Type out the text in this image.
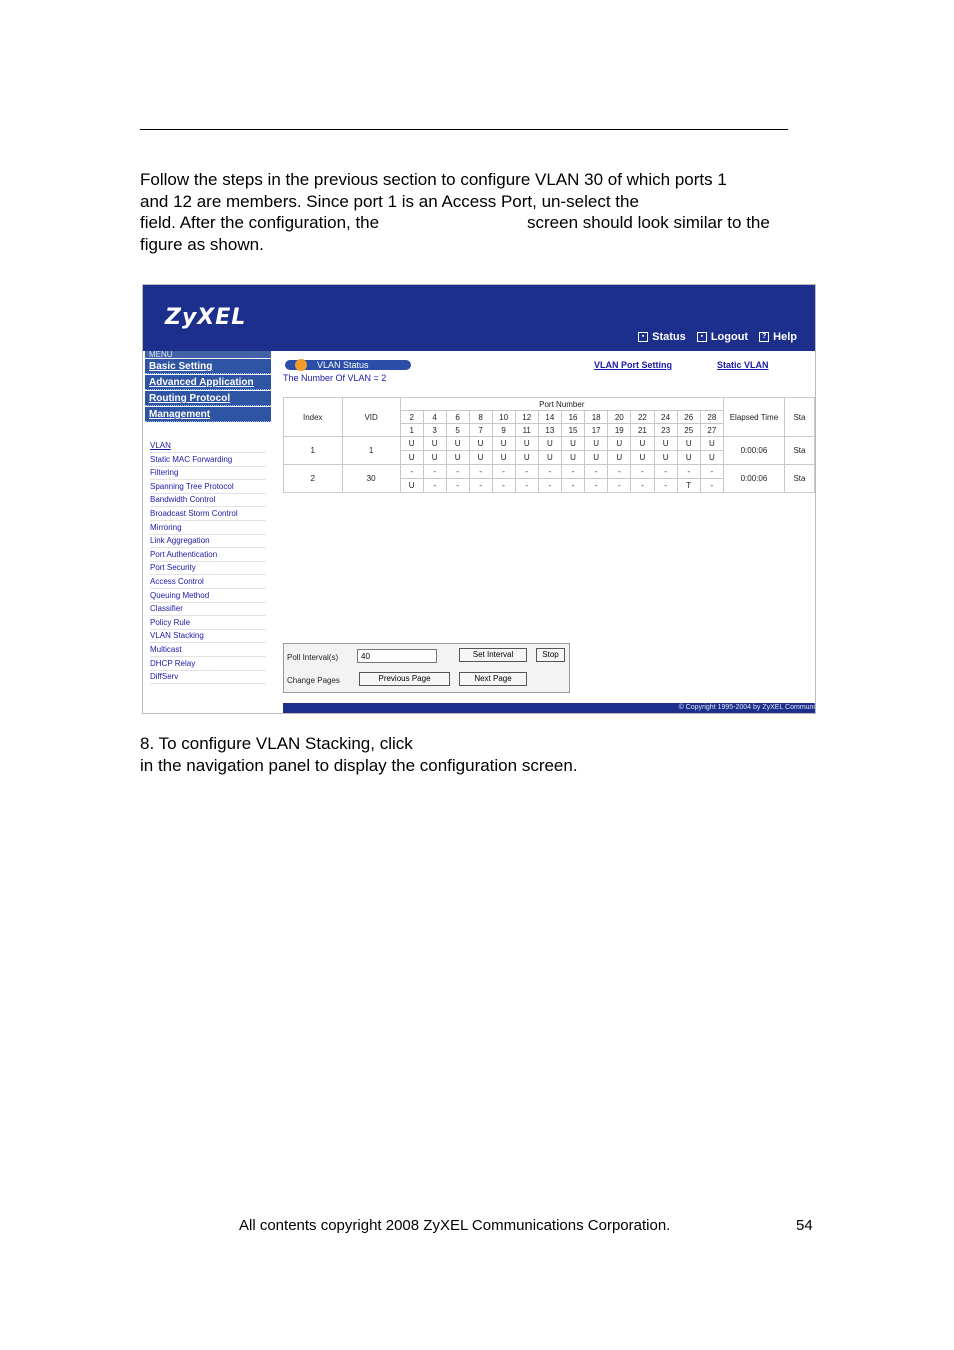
Follow the steps in the previous section to configure VLAN 30 of which ports 1
and 12 are members. Since port 1 is an Access Port, un-select the
field. After the configuration, the	screen should look similar to the
figure as shown.

ZyXEL
▪ Status
	▪ Logout
	? Help
MENU
Basic Setting
Advanced Application
Routing Protocol
Management
VLAN
Static MAC Forwarding
Filtering
Spanning Tree Protocol
Bandwidth Control
Broadcast Storm Control
Mirroring
Link Aggregation
Port Authentication
Port Security
Access Control
Queuing Method
Classifier
Policy Rule
VLAN Stacking
Multicast
DHCP Relay
DiffServ
VLAN Status
The Number Of VLAN = 2
VLAN Port Setting	Static VLAN
Index	VID	Port Number														Elapsed Time	Sta
		2	4	6	8	10	12	14	16	18	20	22	24	26	28		
		1	3	5	7	9	11	13	15	17	19	21	23	25	27		
1	1	U	U	U	U	U	U	U	U	U	U	U	U	U	U	0:00:06	Sta
		U	U	U	U	U	U	U	U	U	U	U	U	U	U		
2	30	-	-	-	-	-	-	-	-	-	-	-	-	-	-	0:00:06	Sta
		U	-	-	-	-	-	-	-	-	-	-	-	T	-		
Poll Interval(s)	40	Set Interval	Stop
Change Pages	Previous Page	Next Page
© Copyright 1995-2004 by ZyXEL Communi

8. To configure VLAN Stacking, click
in the navigation panel to display the configuration screen.

All contents copyright 2008 ZyXEL Communications Corporation.	54
